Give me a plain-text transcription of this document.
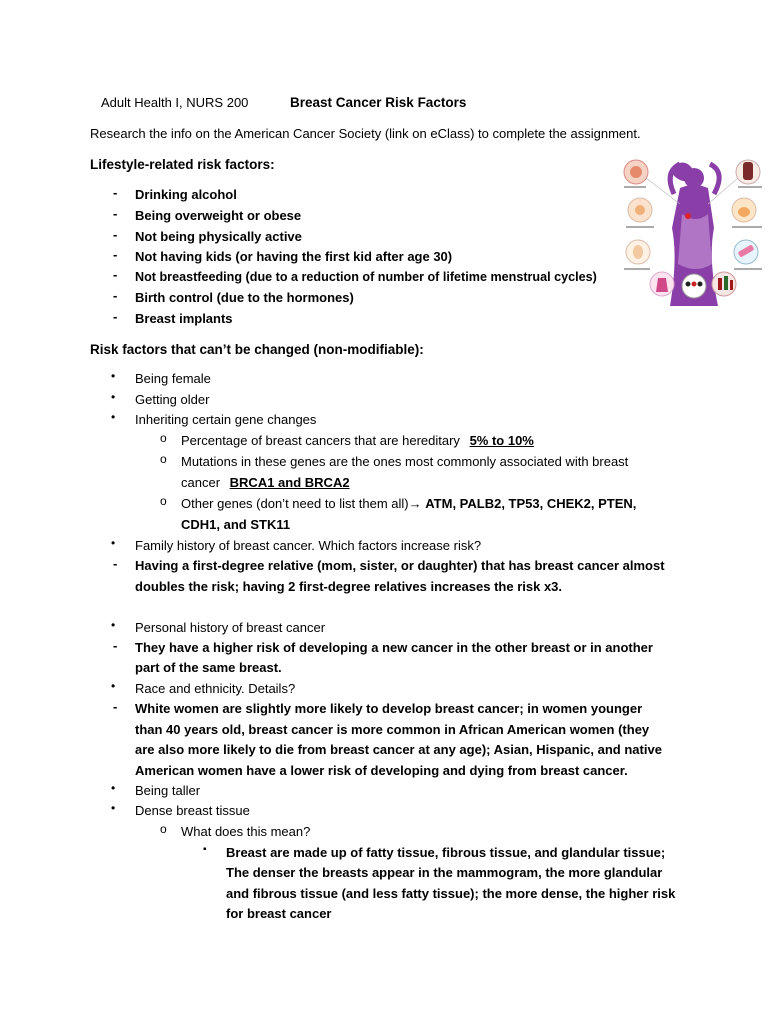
Adult Health I, NURS 200	Breast Cancer Risk Factors
Research the info on the American Cancer Society (link on eClass) to complete the assignment.
Lifestyle-related risk factors:
- Drinking alcohol
- Being overweight or obese
- Not being physically active
- Not having kids (or having the first kid after age 30)
- Not breastfeeding (due to a reduction of number of lifetime menstrual cycles)
- Birth control (due to the hormones)
- Breast implants
Risk factors that can’t be changed (non-modifiable):
• Being female
• Getting older
• Inheriting certain gene changes
o Percentage of breast cancers that are hereditary 5% to 10%
o Mutations in these genes are the ones most commonly associated with breast
cancer BRCA1 and BRCA2
o Other genes (don’t need to list them all)→ ATM, PALB2, TP53, CHEK2, PTEN,
CDH1, and STK11
• Family history of breast cancer. Which factors increase risk?
- Having a first-degree relative (mom, sister, or daughter) that has breast cancer almost
doubles the risk; having 2 first-degree relatives increases the risk x3.
• Personal history of breast cancer
- They have a higher risk of developing a new cancer in the other breast or in another
part of the same breast.
• Race and ethnicity. Details?
- White women are slightly more likely to develop breast cancer; in women younger
than 40 years old, breast cancer is more common in African American women (they
are also more likely to die from breast cancer at any age); Asian, Hispanic, and native
American women have a lower risk of developing and dying from breast cancer.
• Being taller
• Dense breast tissue
o What does this mean?
▪ Breast are made up of fatty tissue, fibrous tissue, and glandular tissue;
The denser the breasts appear in the mammogram, the more glandular
and fibrous tissue (and less fatty tissue); the more dense, the higher risk
for breast cancer
